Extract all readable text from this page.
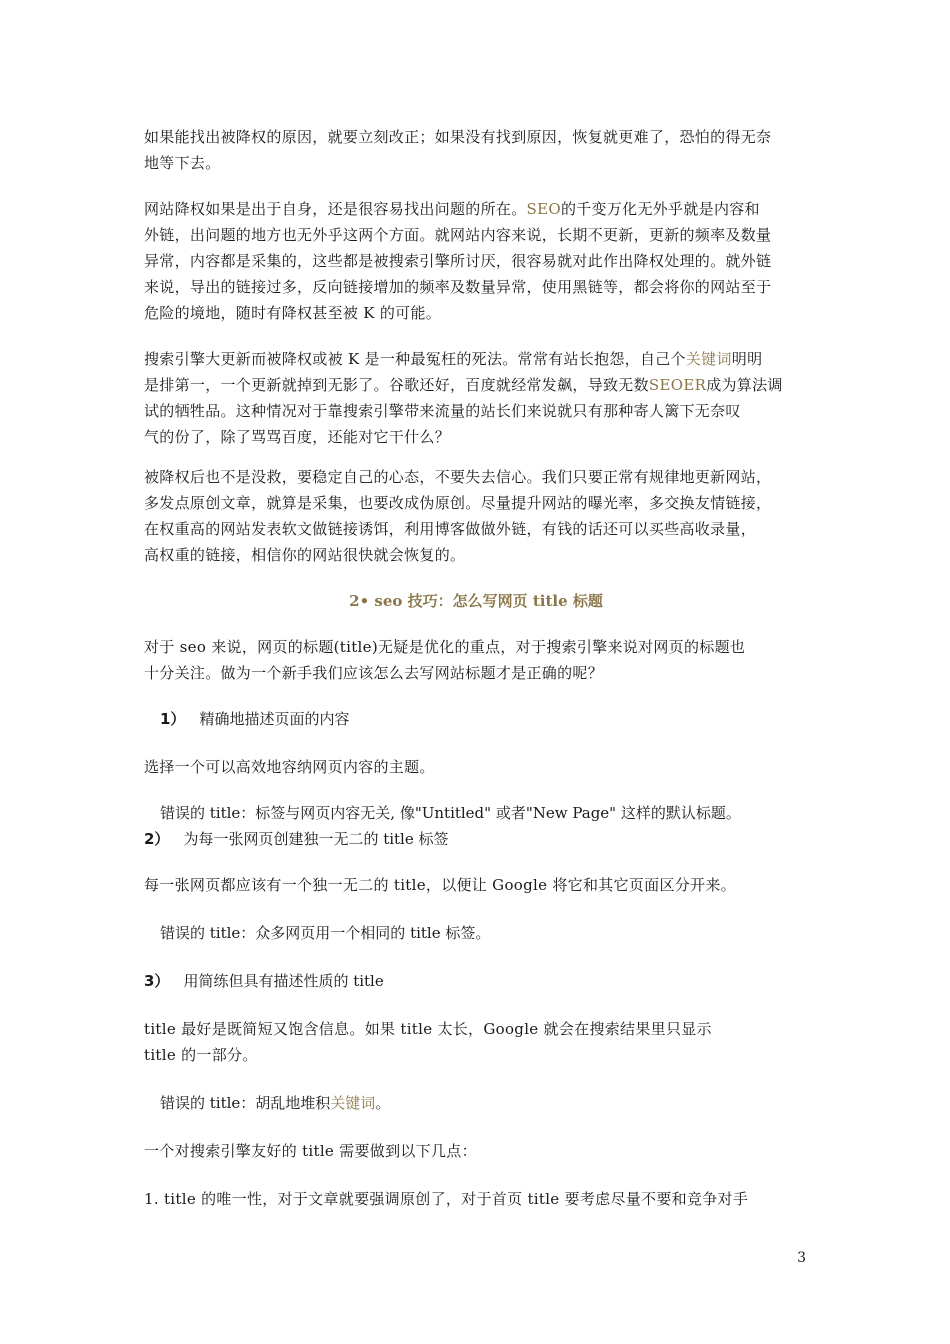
如果能找出被降权的原因，就要立刻改正；如果没有找到原因，恢复就更难了，恐怕的得无奈
地等下去。
网站降权如果是出于自身，还是很容易找出问题的所在。SEO的千变万化无外乎就是内容和
外链，出问题的地方也无外乎这两个方面。就网站内容来说，长期不更新，更新的频率及数量
异常，内容都是采集的，这些都是被搜索引擎所讨厌，很容易就对此作出降权处理的。就外链
来说，导出的链接过多，反向链接增加的频率及数量异常，使用黑链等，都会将你的网站至于
危险的境地，随时有降权甚至被 K 的可能。
搜索引擎大更新而被降权或被 K 是一种最冤枉的死法。常常有站长抱怨，自己个关键词明明
是排第一，一个更新就掉到无影了。谷歌还好，百度就经常发飙，导致无数SEOER成为算法调
试的牺牲品。这种情况对于靠搜索引擎带来流量的站长们来说就只有那种寄人篱下无奈叹
气的份了，除了骂骂百度，还能对它干什么？
被降权后也不是没救，要稳定自己的心态，不要失去信心。我们只要正常有规律地更新网站，
多发点原创文章，就算是采集，也要改成伪原创。尽量提升网站的曝光率，多交换友情链接，
在权重高的网站发表软文做链接诱饵，利用博客做做外链，有钱的话还可以买些高收录量，
高权重的链接，相信你的网站很快就会恢复的。
2• seo 技巧：怎么写网页 title 标题
对于 seo 来说，网页的标题(title)无疑是优化的重点，对于搜索引擎来说对网页的标题也
十分关注。做为一个新手我们应该怎么去写网站标题才是正确的呢？
1） 精确地描述页面的内容
选择一个可以高效地容纳网页内容的主题。
错误的 title：标签与网页内容无关, 像"Untitled" 或者"New Page" 这样的默认标题。
2） 为每一张网页创建独一无二的 title 标签
每一张网页都应该有一个独一无二的 title，以便让 Google 将它和其它页面区分开来。
错误的 title：众多网页用一个相同的 title 标签。
3） 用简练但具有描述性质的 title
title 最好是既简短又饱含信息。如果 title 太长，Google 就会在搜索结果里只显示
title 的一部分。
错误的 title：胡乱地堆积关键词。
一个对搜索引擎友好的 title 需要做到以下几点：
1. title 的唯一性，对于文章就要强调原创了，对于首页 title 要考虑尽量不要和竞争对手
3
